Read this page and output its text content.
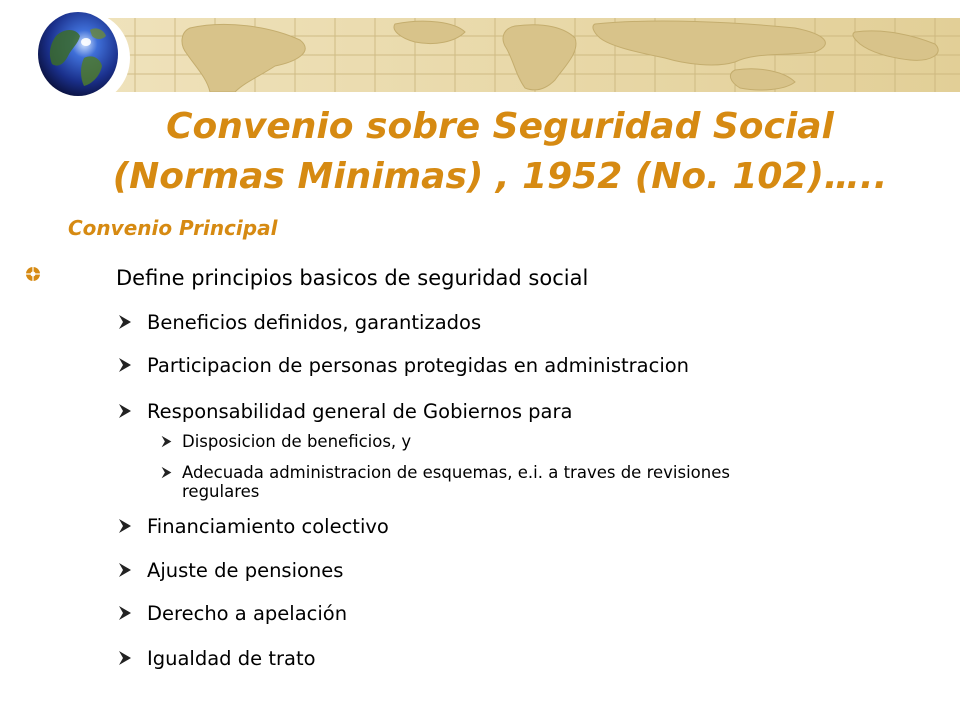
Convenio sobre Seguridad Social
(Normas Minimas) , 1952 (No. 102)…..
Convenio Principal
Define principios basicos de seguridad social
Beneficios definidos, garantizados
Participacion de personas protegidas en administracion
Responsabilidad general de Gobiernos para
Disposicion de beneficios, y
Adecuada administracion de esquemas, e.i. a traves de revisiones
regulares
Financiamiento colectivo
Ajuste de pensiones
Derecho a apelación
Igualdad de trato
